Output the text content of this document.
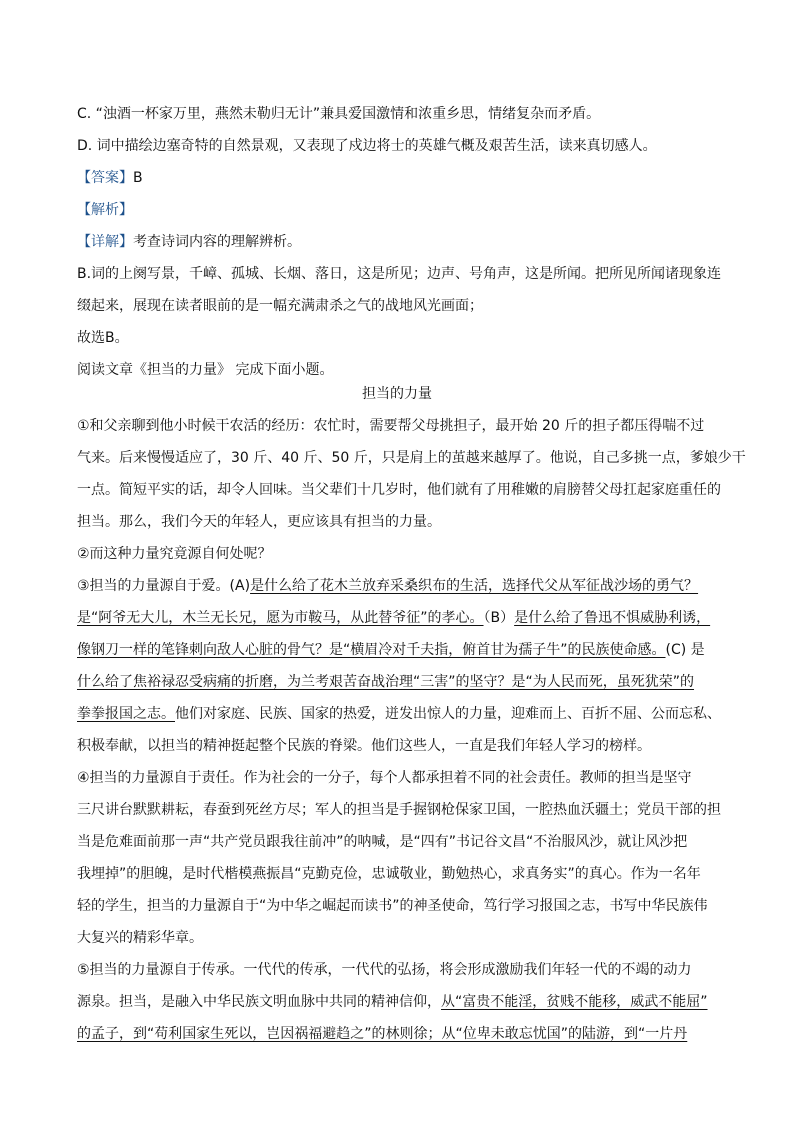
C. “浊酒一杯家万里，燕然未勒归无计”兼具爱国激情和浓重乡思，情绪复杂而矛盾。
D. 词中描绘边塞奇特的自然景观，又表现了戍边将士的英雄气概及艰苦生活，读来真切感人。
【答案】B
【解析】
【详解】考查诗词内容的理解辨析。
B.词的上阕写景，千嶂、孤城、长烟、落日，这是所见；边声、号角声，这是所闻。把所见所闻诸现象连
缀起来，展现在读者眼前的是一幅充满肃杀之气的战地风光画面；
故选B。
阅读文章《担当的力量》 完成下面小题。
担当的力量
①和父亲聊到他小时候干农活的经历：农忙时，需要帮父母挑担子，最开始 20 斤的担子都压得喘不过
气来。后来慢慢适应了，30 斤、40 斤、50 斤，只是肩上的茧越来越厚了。他说，自己多挑一点，爹娘少干
一点。简短平实的话，却令人回味。当父辈们十几岁时，他们就有了用稚嫩的肩膀替父母扛起家庭重任的
担当。那么，我们今天的年轻人，更应该具有担当的力量。
②而这种力量究竟源自何处呢？
③担当的力量源自于爱。(A)是什么给了花木兰放弃采桑织布的生活，选择代父从军征战沙场的勇气？
是“阿爷无大儿，木兰无长兄，愿为市鞍马，从此替爷征”的孝心。（B）是什么给了鲁迅不惧威胁利诱，
像钢刀一样的笔锋刺向敌人心脏的骨气？是“横眉冷对千夫指，俯首甘为孺子牛”的民族使命感。(C) 是
什么给了焦裕禄忍受病痛的折磨，为兰考艰苦奋战治理“三害”的坚守？是“为人民而死，虽死犹荣”的
拳拳报国之志。他们对家庭、民族、国家的热爱，迸发出惊人的力量，迎难而上、百折不屈、公而忘私、
积极奉献，以担当的精神挺起整个民族的脊梁。他们这些人，一直是我们年轻人学习的榜样。
④担当的力量源自于责任。作为社会的一分子，每个人都承担着不同的社会责任。教师的担当是坚守
三尺讲台默默耕耘，春蚕到死丝方尽；军人的担当是手握钢枪保家卫国，一腔热血沃疆土；党员干部的担
当是危难面前那一声“共产党员跟我往前冲”的呐喊，是“四有”书记谷文昌“不治服风沙，就让风沙把
我埋掉”的胆魄，是时代楷模燕振昌“克勤克俭，忠诚敬业，勤勉热心，求真务实”的真心。作为一名年
轻的学生，担当的力量源自于“为中华之崛起而读书”的神圣使命，笃行学习报国之志，书写中华民族伟
大复兴的精彩华章。
⑤担当的力量源自于传承。一代代的传承，一代代的弘扬，将会形成激励我们年轻一代的不竭的动力
源泉。担当，是融入中华民族文明血脉中共同的精神信仰，从“富贵不能淫，贫贱不能移，威武不能屈”
的孟子，到“苟利国家生死以，岂因祸福避趋之”的林则徐；从“位卑未敢忘忧国”的陆游，到“一片丹
